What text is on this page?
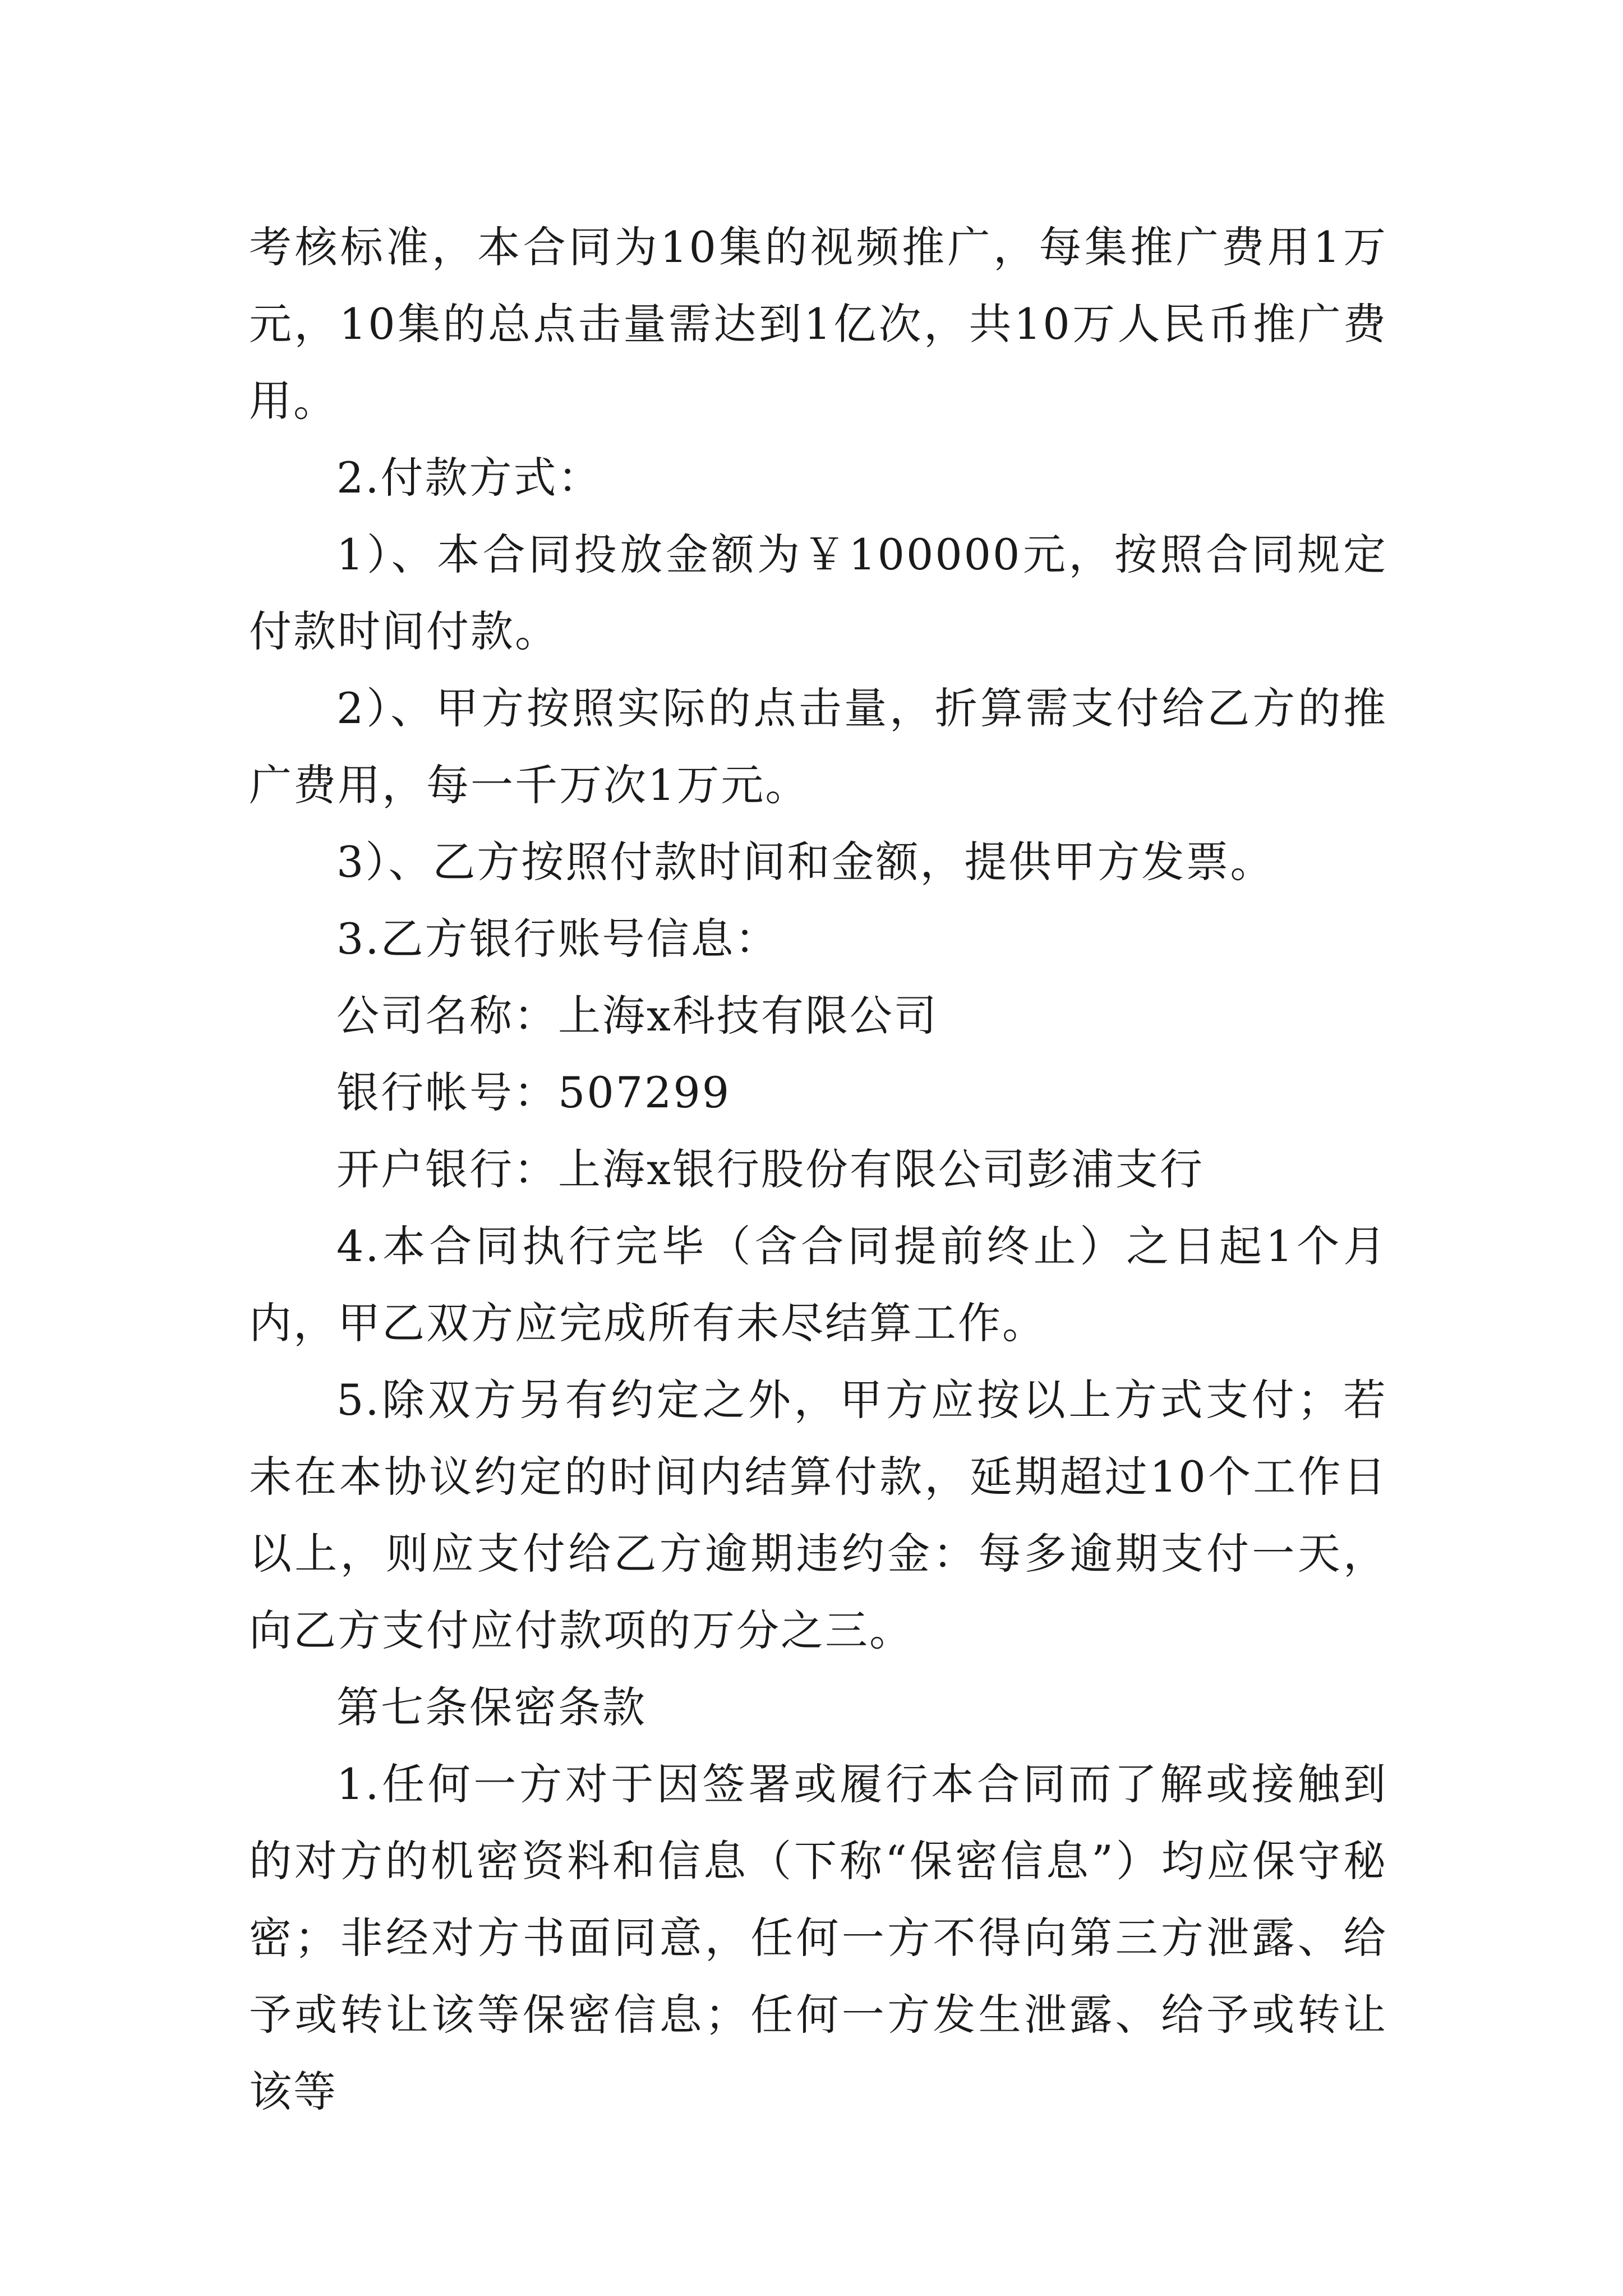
考核标准，本合同为10集的视频推广，每集推广费用1万元，10集的总点击量需达到1亿次，共10万人民币推广费用。

2.付款方式：

1）、本合同投放金额为￥100000元，按照合同规定付款时间付款。

2）、甲方按照实际的点击量，折算需支付给乙方的推广费用，每一千万次1万元。

3）、乙方按照付款时间和金额，提供甲方发票。

3.乙方银行账号信息：

公司名称：上海x科技有限公司

银行帐号：507299

开户银行：上海x银行股份有限公司彭浦支行

4.本合同执行完毕（含合同提前终止）之日起1个月内，甲乙双方应完成所有未尽结算工作。

5.除双方另有约定之外，甲方应按以上方式支付；若未在本协议约定的时间内结算付款，延期超过10个工作日以上，则应支付给乙方逾期违约金：每多逾期支付一天，向乙方支付应付款项的万分之三。

第七条保密条款

1.任何一方对于因签署或履行本合同而了解或接触到的对方的机密资料和信息（下称“保密信息”）均应保守秘密；非经对方书面同意，任何一方不得向第三方泄露、给予或转让该等保密信息；任何一方发生泄露、给予或转让该等
